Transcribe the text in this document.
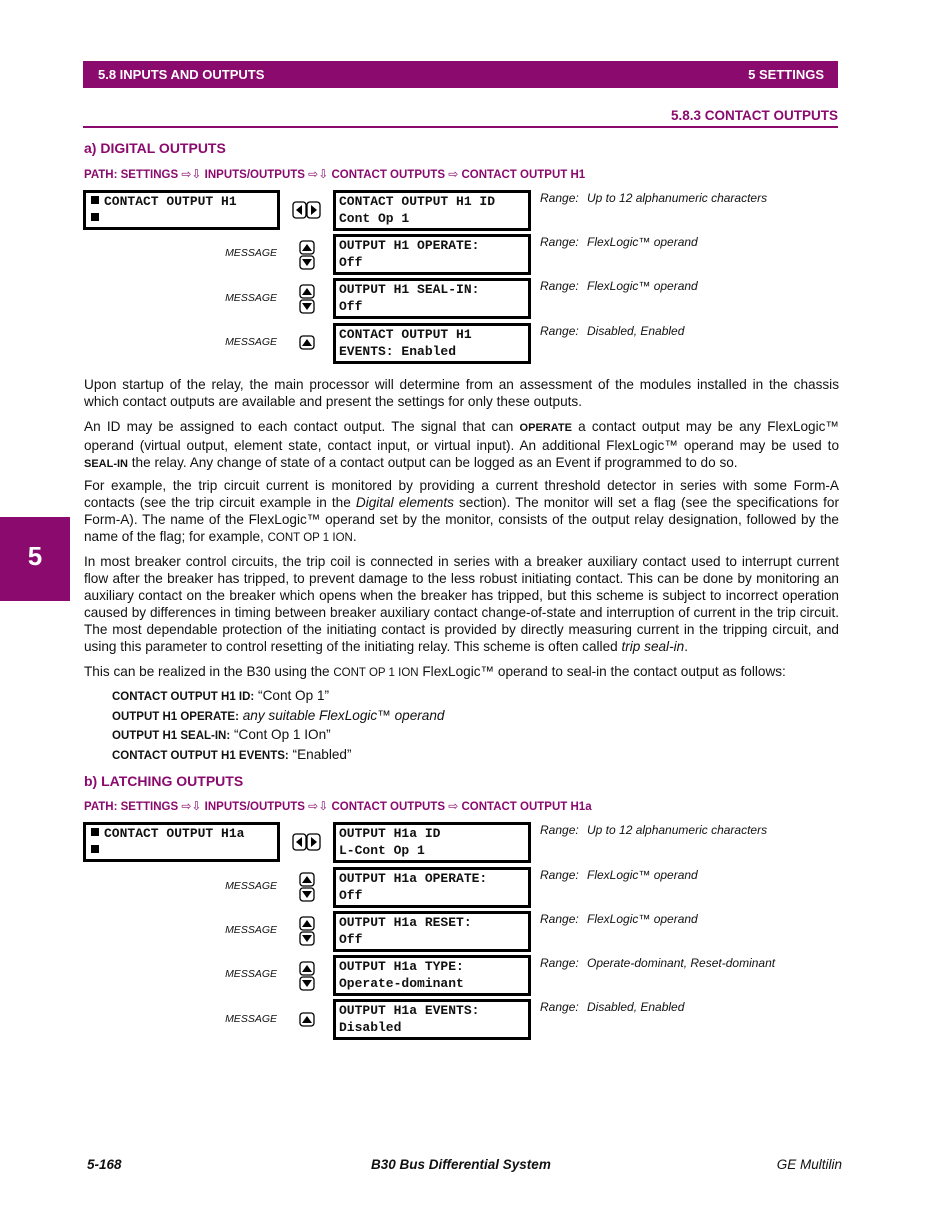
5.8 INPUTS AND OUTPUTS	5 SETTINGS
5.8.3 CONTACT OUTPUTS
5
a) DIGITAL OUTPUTS
PATH: SETTINGS ⇨⇩ INPUTS/OUTPUTS ⇨⇩ CONTACT OUTPUTS ⇨ CONTACT OUTPUT H1
CONTACT OUTPUT H1	CONTACT OUTPUT H1 ID
Cont Op 1
Range: Up to 12 alphanumeric characters
MESSAGE	OUTPUT H1 OPERATE:
Off
Range: FlexLogic™ operand
MESSAGE
OUTPUT H1 SEAL-IN:
Off
Range: FlexLogic™ operand
MESSAGE	CONTACT OUTPUT H1
EVENTS: Enabled
Range: Disabled, Enabled

Upon startup of the relay, the main processor will determine from an assessment of the modules installed in the chassis which contact outputs are available and present the settings for only these outputs.

An ID may be assigned to each contact output. The signal that can OPERATE a contact output may be any FlexLogic™ operand (virtual output, element state, contact input, or virtual input). An additional FlexLogic™ operand may be used to SEAL-IN the relay. Any change of state of a contact output can be logged as an Event if programmed to do so.

For example, the trip circuit current is monitored by providing a current threshold detector in series with some Form-A contacts (see the trip circuit example in the Digital elements section). The monitor will set a flag (see the specifications for Form-A). The name of the FlexLogic™ operand set by the monitor, consists of the output relay designation, followed by the name of the flag; for example, CONT OP 1 ION.

In most breaker control circuits, the trip coil is connected in series with a breaker auxiliary contact used to interrupt current flow after the breaker has tripped, to prevent damage to the less robust initiating contact. This can be done by monitoring an auxiliary contact on the breaker which opens when the breaker has tripped, but this scheme is subject to incorrect operation caused by differences in timing between breaker auxiliary contact change-of-state and interruption of current in the trip circuit. The most dependable protection of the initiating contact is provided by directly measuring current in the tripping circuit, and using this parameter to control resetting of the initiating relay. This scheme is often called trip seal-in.

This can be realized in the B30 using the CONT OP 1 ION FlexLogic™ operand to seal-in the contact output as follows:

CONTACT OUTPUT H1 ID: “Cont Op 1”
OUTPUT H1 OPERATE: any suitable FlexLogic™ operand
OUTPUT H1 SEAL-IN: “Cont Op 1 IOn”
CONTACT OUTPUT H1 EVENTS: “Enabled”
b) LATCHING OUTPUTS
PATH: SETTINGS ⇨⇩ INPUTS/OUTPUTS ⇨⇩ CONTACT OUTPUTS ⇨ CONTACT OUTPUT H1a
CONTACT OUTPUT H1a	OUTPUT H1a ID
L-Cont Op 1
Range: Up to 12 alphanumeric characters
MESSAGE	OUTPUT H1a OPERATE:
Off
Range: FlexLogic™ operand
MESSAGE	OUTPUT H1a RESET:
Off
Range: FlexLogic™ operand
MESSAGE	OUTPUT H1a TYPE:
Operate-dominant
Range: Operate-dominant, Reset-dominant
MESSAGE
OUTPUT H1a EVENTS:
Disabled
Range: Disabled, Enabled
5-168	B30 Bus Differential System	GE Multilin
